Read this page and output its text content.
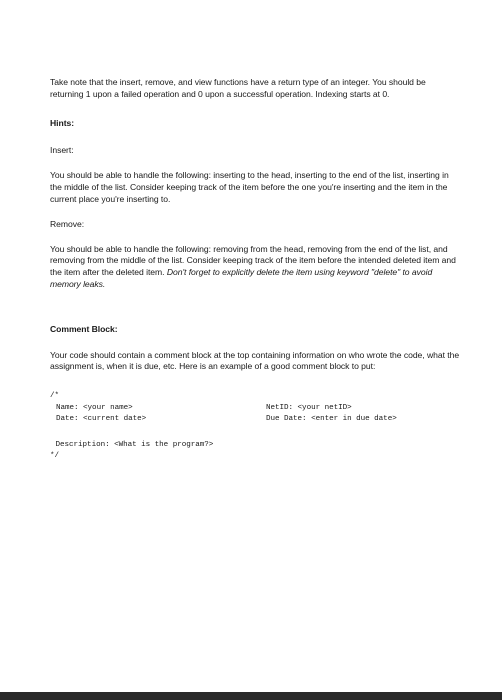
Take note that the insert, remove, and view functions have a return type of an integer. You should be returning 1 upon a failed operation and 0 upon a successful operation. Indexing starts at 0.

Hints:

Insert:

You should be able to handle the following: inserting to the head, inserting to the end of the list, inserting in the middle of the list. Consider keeping track of the item before the one you're inserting and the item in the current place you're inserting to.

Remove:

You should be able to handle the following: removing from the head, removing from the end of the list, and removing from the middle of the list. Consider keeping track of the item before the intended deleted item and the item after the deleted item. Don't forget to explicitly delete the item using keyword "delete" to avoid memory leaks.

Comment Block:

Your code should contain a comment block at the top containing information on who wrote the code, what the assignment is, when it is due, etc. Here is an example of a good comment block to put:

/*
Name: <your name>	NetID: <your netID>
Date: <current date>	Due Date: <enter in due date>
Description: <What is the program?>
*/
